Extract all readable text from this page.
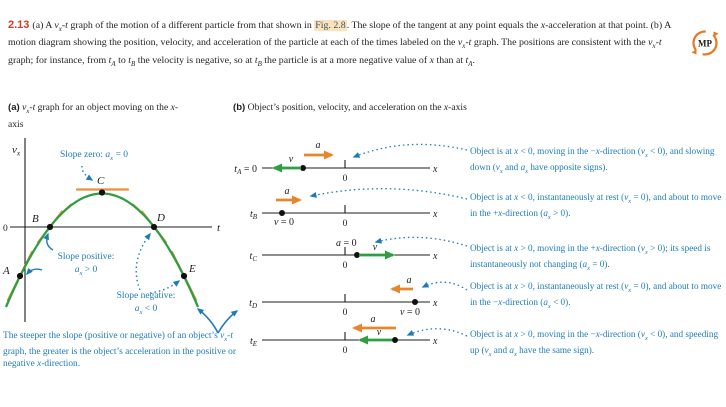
2.13 (a) A $v_x-t$ graph of the motion of a different particle from that shown in Fig. 2.8. The slope of the tangent at any point equals the x-acceleration at that point. (b) A motion diagram showing the position, velocity, and acceleration of the particle at each of the times labeled on the $v_x-t$ graph. The positions are consistent with the $v_x-t$ graph; for instance, from $t_A$ to $t_B$ the velocity is negative, so at $t_B$ the particle is at a more negative value of x than at $t_A$.
(a) $v_x-t$ graph for an object moving on the x-axis
(b) Object’s position, velocity, and acceleration on the x-axis
Slope zero: $a_x = 0$
Slope positive:
$a_x > 0$
Slope negative:
$a_x < 0$
The steeper the slope (positive or negative) of an object’s $v_x-t$ graph, the greater is the object’s acceleration in the positive or negative x-direction.
Object is at x < 0, moving in the −x-direction $(v_x < 0)$, and slowing down ($v_x$ and $a_x$ have opposite signs).
Object is at x < 0, instantaneously at rest $(v_x = 0)$, and about to move in the +x-direction $(a_x > 0)$.
Object is at x > 0, moving in the +x-direction $(v_x > 0)$; its speed is instantaneously not changing $(a_x = 0)$.
Object is at x > 0, instantaneously at rest $(v_x = 0)$, and about to move in the −x-direction $(a_x < 0)$.
Object is at x > 0, moving in the −x-direction $(v_x < 0)$, and speeding up ($v_x$ and $a_x$ have the same sign).
$v_x$
0	t
A
B
C
D
E
$t_A = 0$	x
0
v
a
$t_B$	x
0
v = 0
a
$t_C$	x
0
a = 0 v
$t_D$	x
0	v = 0
a
$t_E$	x
0
v
a
MP
